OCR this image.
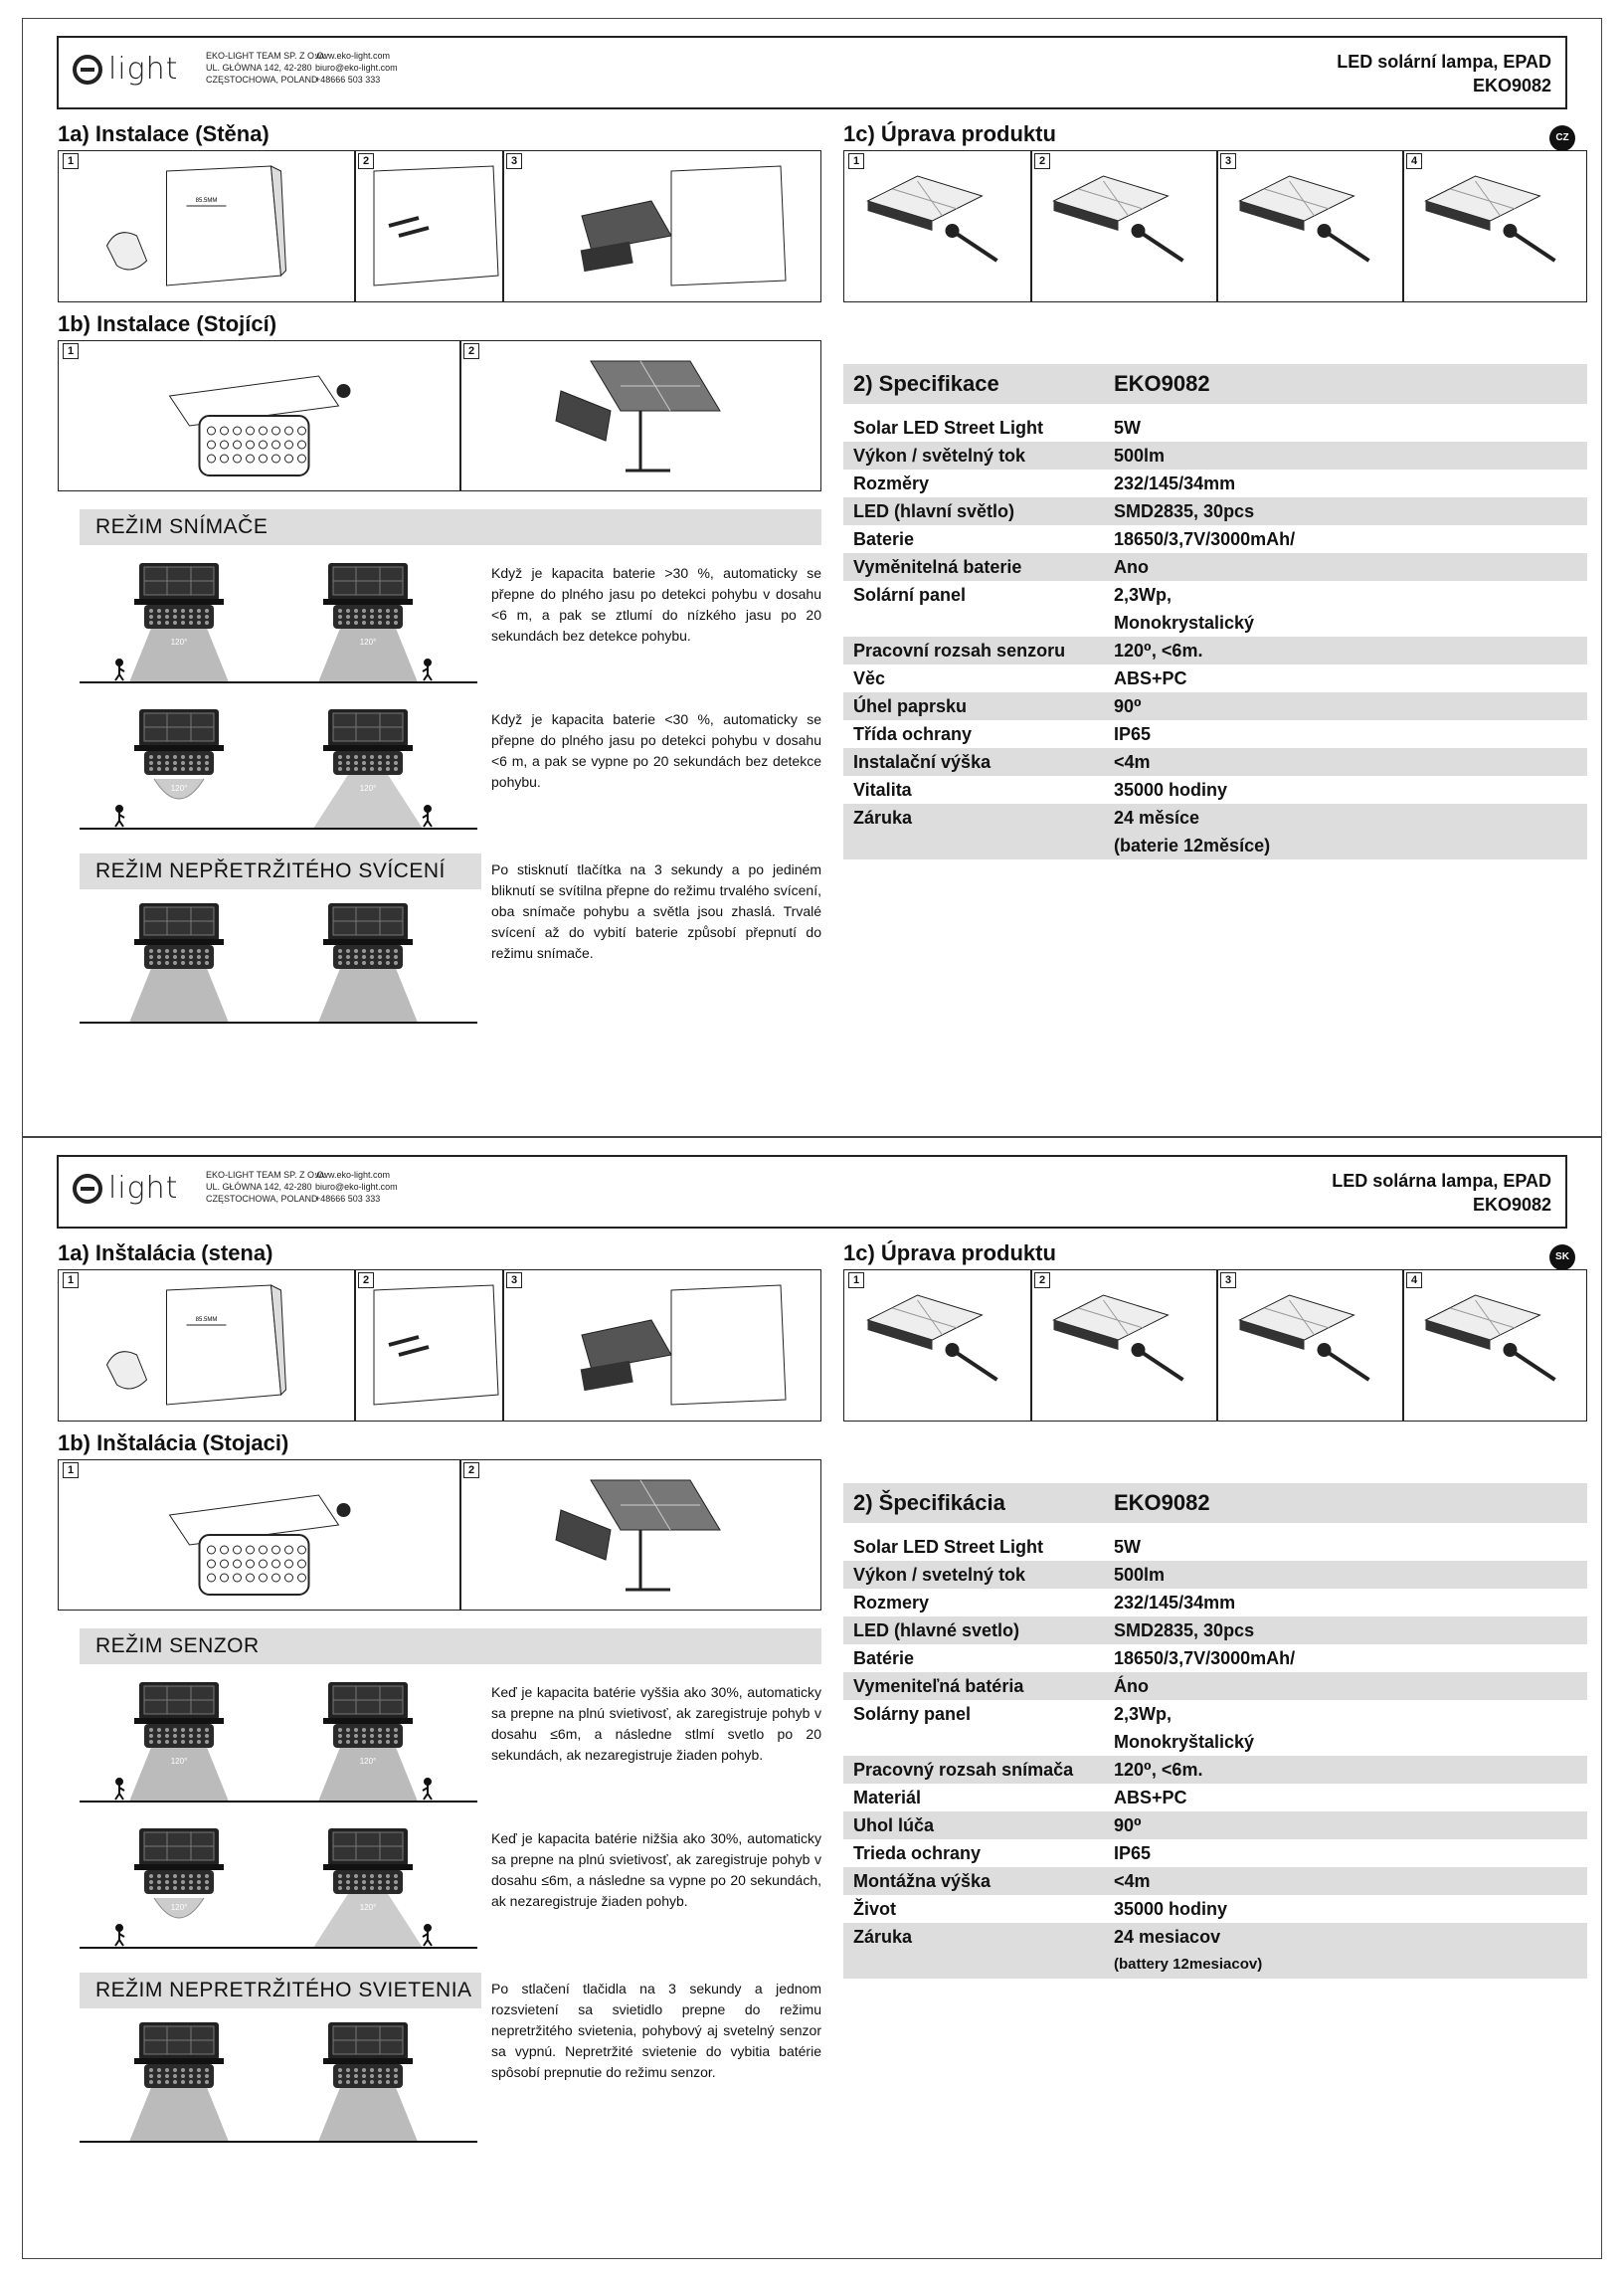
light	EKO-LIGHT TEAM SP. Z O.O.
UL. GŁÓWNA 142, 42-280
CZĘSTOCHOWA, POLAND
www.eko-light.com
biuro@eko-light.com
+48666 503 333
LED solární lampa, EPAD
EKO9082
1a) Instalace (Stěna)
1	2	3
85.5MM
1b) Instalace (Stojící)
1	2
1c) Úprava produktu	CZ
1	2	3	4
REŽIM SNÍMAČE
120°	120°
Když je kapacita baterie >30 %, automaticky se přepne do plného jasu po detekci pohybu v dosahu <6 m, a pak se ztlumí do nízkého jasu po 20 sekundách bez detekce pohybu.
120°	120°
Když je kapacita baterie <30 %, automaticky se přepne do plného jasu po detekci pohybu v dosahu <6 m, a pak se vypne po 20 sekundách bez detekce pohybu.
REŽIM NEPŘETRŽITÉHO SVÍCENÍ	Po stisknutí tlačítka na 3 sekundy a po jediném bliknutí se svítilna přepne do režimu trvalého svícení, oba snímače pohybu a světla jsou zhaslá. Trvalé svícení až do vybití baterie způsobí přepnutí do režimu snímače.
2) Specifikace	EKO9082
Solar LED Street Light	5W
Výkon / světelný tok	500lm
Rozměry	232/145/34mm
LED (hlavní světlo)	SMD2835, 30pcs
Baterie	18650/3,7V/3000mAh/
Vyměnitelná baterie	Ano
Solární panel	2,3Wp,
Monokrystalický
Pracovní rozsah senzoru	120⁰, <6m.
Věc	ABS+PC
Úhel paprsku	90⁰
Třída ochrany	IP65
Instalační výška	<4m
Vitalita	35000 hodiny
Záruka	24 měsíce
(baterie 12měsíce)
light	EKO-LIGHT TEAM SP. Z O.O.
UL. GŁÓWNA 142, 42-280
CZĘSTOCHOWA, POLAND
www.eko-light.com
biuro@eko-light.com
+48666 503 333
LED solárna lampa, EPAD
EKO9082
1a) Inštalácia (stena)
1	2	3
85.5MM
1b) Inštalácia (Stojaci)
1	2
1c) Úprava produktu	SK
1	2	3	4
REŽIM SENZOR
120°	120°
Keď je kapacita batérie vyššia ako 30%, automaticky sa prepne na plnú svietivosť, ak zaregistruje pohyb v dosahu ≤6m, a následne stlmí svetlo po 20 sekundách, ak nezaregistruje žiaden pohyb.
120°	120°
Keď je kapacita batérie nižšia ako 30%, automaticky sa prepne na plnú svietivosť, ak zaregistruje pohyb v dosahu ≤6m, a následne sa vypne po 20 sekundách, ak nezaregistruje žiaden pohyb.
REŽIM NEPRETRŽITÉHO SVIETENIA	Po stlačení tlačidla na 3 sekundy a jednom rozsvietení sa svietidlo prepne do režimu nepretržitého svietenia, pohybový aj svetelný senzor sa vypnú. Nepretržité svietenie do vybitia batérie spôsobí prepnutie do režimu senzor.
2) Špecifikácia	EKO9082
Solar LED Street Light	5W
Výkon / svetelný tok	500lm
Rozmery	232/145/34mm
LED (hlavné svetlo)	SMD2835, 30pcs
Batérie	18650/3,7V/3000mAh/
Vymeniteľná batéria	Áno
Solárny panel	2,3Wp,
Monokryštalický
Pracovný rozsah snímača	120⁰, <6m.
Materiál	ABS+PC
Uhol lúča	90⁰
Trieda ochrany	IP65
Montážna výška	<4m
Život	35000 hodiny
Záruka	24 mesiacov
(battery 12mesiacov)
